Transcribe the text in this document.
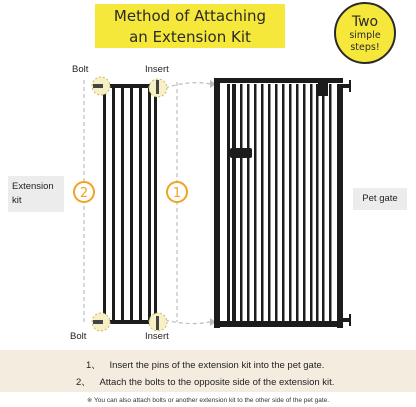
Method of Attaching
an Extension Kit
Two
simple
steps!
Bolt	Insert
Bolt	Insert
Extension kit	Pet gate
2	1
1、 Insert the pins of the extension kit into the pet gate.
2、 Attach the bolts to the opposite side of the extension kit.
※ You can also attach bolts or another extension kit to the other side of the pet gate.
